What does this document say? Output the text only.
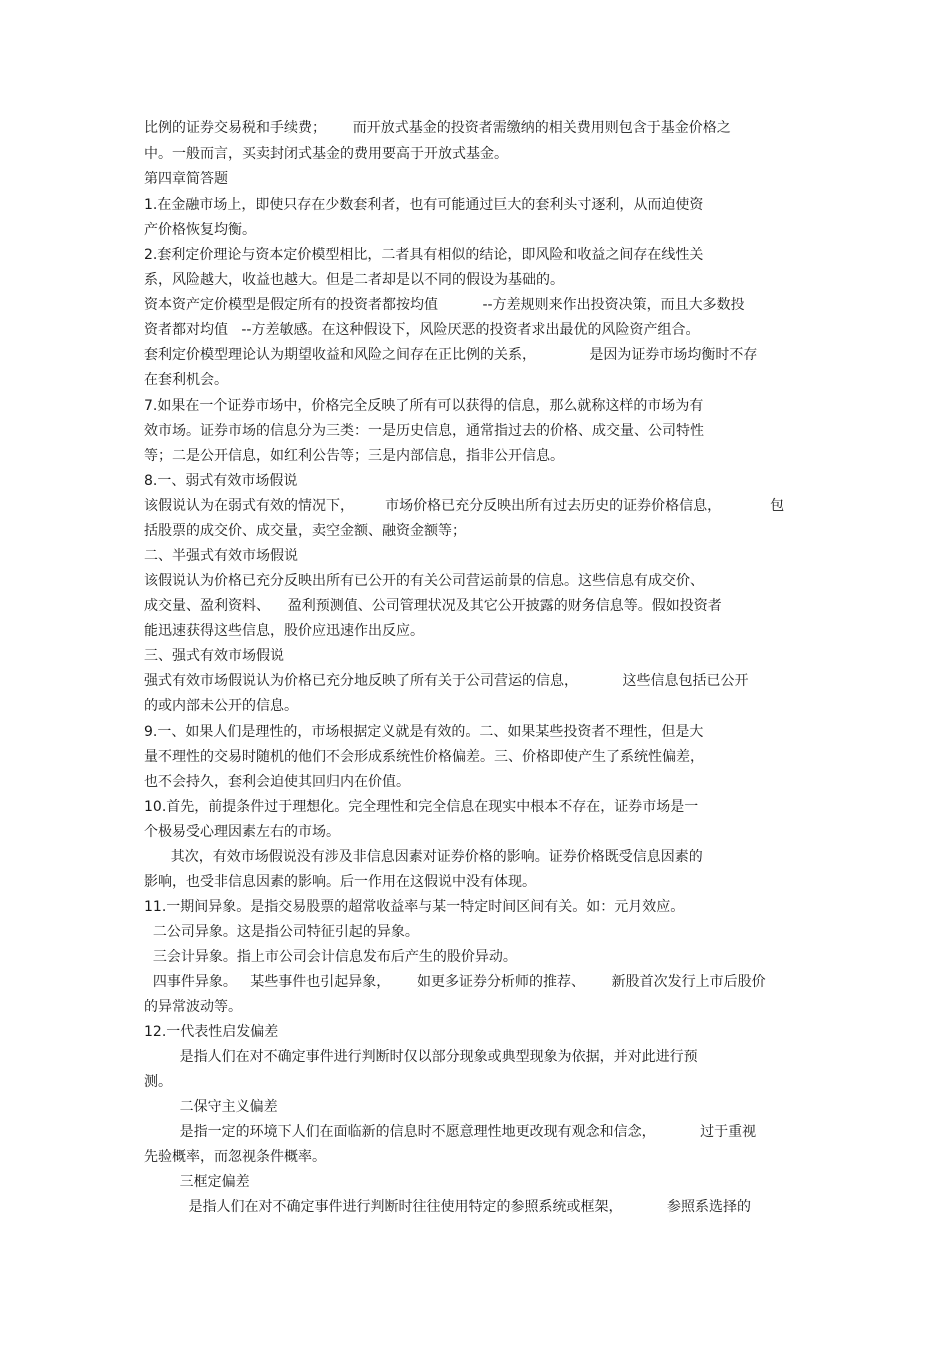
比例的证券交易税和手续费；      而开放式基金的投资者需缴纳的相关费用则包含于基金价格之
中。一般而言，买卖封闭式基金的费用要高于开放式基金。
第四章简答题
1.在金融市场上，即使只存在少数套利者，也有可能通过巨大的套利头寸逐利，从而迫使资
产价格恢复均衡。
2.套利定价理论与资本定价模型相比，二者具有相似的结论，即风险和收益之间存在线性关
系，风险越大，收益也越大。但是二者却是以不同的假设为基础的。
资本资产定价模型是假定所有的投资者都按均值          --方差规则来作出投资决策，而且大多数投
资者都对均值   --方差敏感。在这种假设下，风险厌恶的投资者求出最优的风险资产组合。
套利定价模型理论认为期望收益和风险之间存在正比例的关系，            是因为证券市场均衡时不存
在套利机会。
7.如果在一个证券市场中，价格完全反映了所有可以获得的信息，那么就称这样的市场为有
效市场。证券市场的信息分为三类：一是历史信息，通常指过去的价格、成交量、公司特性
等；二是公开信息，如红利公告等；三是内部信息，指非公开信息。
8.一、弱式有效市场假说
该假说认为在弱式有效的情况下，       市场价格已充分反映出所有过去历史的证券价格信息，           包
括股票的成交价、成交量，卖空金额、融资金额等；
二、半强式有效市场假说
该假说认为价格已充分反映出所有已公开的有关公司营运前景的信息。这些信息有成交价、
成交量、盈利资料、    盈利预测值、公司管理状况及其它公开披露的财务信息等。假如投资者
能迅速获得这些信息，股价应迅速作出反应。
三、强式有效市场假说
强式有效市场假说认为价格已充分地反映了所有关于公司营运的信息，          这些信息包括已公开
的或内部未公开的信息。
9.一、如果人们是理性的，市场根据定义就是有效的。二、如果某些投资者不理性，但是大
量不理性的交易时随机的他们不会形成系统性价格偏差。三、价格即使产生了系统性偏差，
也不会持久，套利会迫使其回归内在价值。
10.首先，前提条件过于理想化。完全理性和完全信息在现实中根本不存在，证券市场是一
个极易受心理因素左右的市场。
其次，有效市场假说没有涉及非信息因素对证券价格的影响。证券价格既受信息因素的
影响，也受非信息因素的影响。后一作用在这假说中没有体现。
11.一期间异象。是指交易股票的超常收益率与某一特定时间区间有关。如：元月效应。
二公司异象。这是指公司特征引起的异象。
三会计异象。指上市公司会计信息发布后产生的股价异动。
四事件异象。   某些事件也引起异象，      如更多证券分析师的推荐、      新股首次发行上市后股价
的异常波动等。
12.一代表性启发偏差
是指人们在对不确定事件进行判断时仅以部分现象或典型现象为依据，并对此进行预
测。
二保守主义偏差
是指一定的环境下人们在面临新的信息时不愿意理性地更改现有观念和信念，          过于重视
先验概率，而忽视条件概率。
三框定偏差
是指人们在对不确定事件进行判断时往往使用特定的参照系统或框架，          参照系选择的
